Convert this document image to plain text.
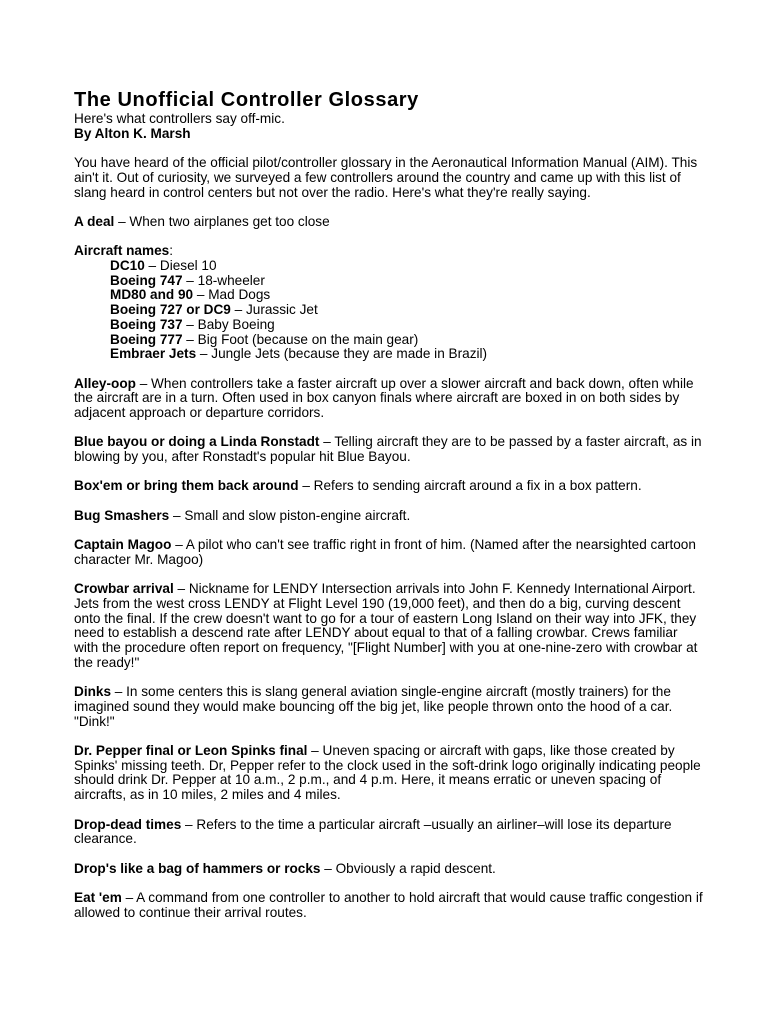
The Unofficial Controller Glossary

Here's what controllers say off-mic.

By Alton K. Marsh

You have heard of the official pilot/controller glossary in the Aeronautical Information Manual (AIM). This ain't it. Out of curiosity, we surveyed a few controllers around the country and came up with this list of slang heard in control centers but not over the radio. Here's what they're really saying.

A deal – When two airplanes get too close

Aircraft names:
DC10 – Diesel 10
Boeing 747 – 18-wheeler
MD80 and 90 – Mad Dogs
Boeing 727 or DC9 – Jurassic Jet
Boeing 737 – Baby Boeing
Boeing 777 – Big Foot (because on the main gear)
Embraer Jets – Jungle Jets (because they are made in Brazil)

Alley-oop – When controllers take a faster aircraft up over a slower aircraft and back down, often while the aircraft are in a turn. Often used in box canyon finals where aircraft are boxed in on both sides by adjacent approach or departure corridors.

Blue bayou or doing a Linda Ronstadt – Telling aircraft they are to be passed by a faster aircraft, as in blowing by you, after Ronstadt's popular hit Blue Bayou.

Box'em or bring them back around – Refers to sending aircraft around a fix in a box pattern.

Bug Smashers – Small and slow piston-engine aircraft.

Captain Magoo – A pilot who can't see traffic right in front of him. (Named after the nearsighted cartoon character Mr. Magoo)

Crowbar arrival – Nickname for LENDY Intersection arrivals into John F. Kennedy International Airport. Jets from the west cross LENDY at Flight Level 190 (19,000 feet), and then do a big, curving descent onto the final. If the crew doesn't want to go for a tour of eastern Long Island on their way into JFK, they need to establish a descend rate after LENDY about equal to that of a falling crowbar. Crews familiar with the procedure often report on frequency, "[Flight Number] with you at one-nine-zero with crowbar at the ready!"

Dinks – In some centers this is slang general aviation single-engine aircraft (mostly trainers) for the imagined sound they would make bouncing off the big jet, like people thrown onto the hood of a car. "Dink!"

Dr. Pepper final or Leon Spinks final – Uneven spacing or aircraft with gaps, like those created by Spinks' missing teeth. Dr, Pepper refer to the clock used in the soft-drink logo originally indicating people should drink Dr. Pepper at 10 a.m., 2 p.m., and 4 p.m. Here, it means erratic or uneven spacing of aircrafts, as in 10 miles, 2 miles and 4 miles.

Drop-dead times – Refers to the time a particular aircraft –usually an airliner–will lose its departure clearance.

Drop's like a bag of hammers or rocks – Obviously a rapid descent.

Eat 'em – A command from one controller to another to hold aircraft that would cause traffic congestion if allowed to continue their arrival routes.
